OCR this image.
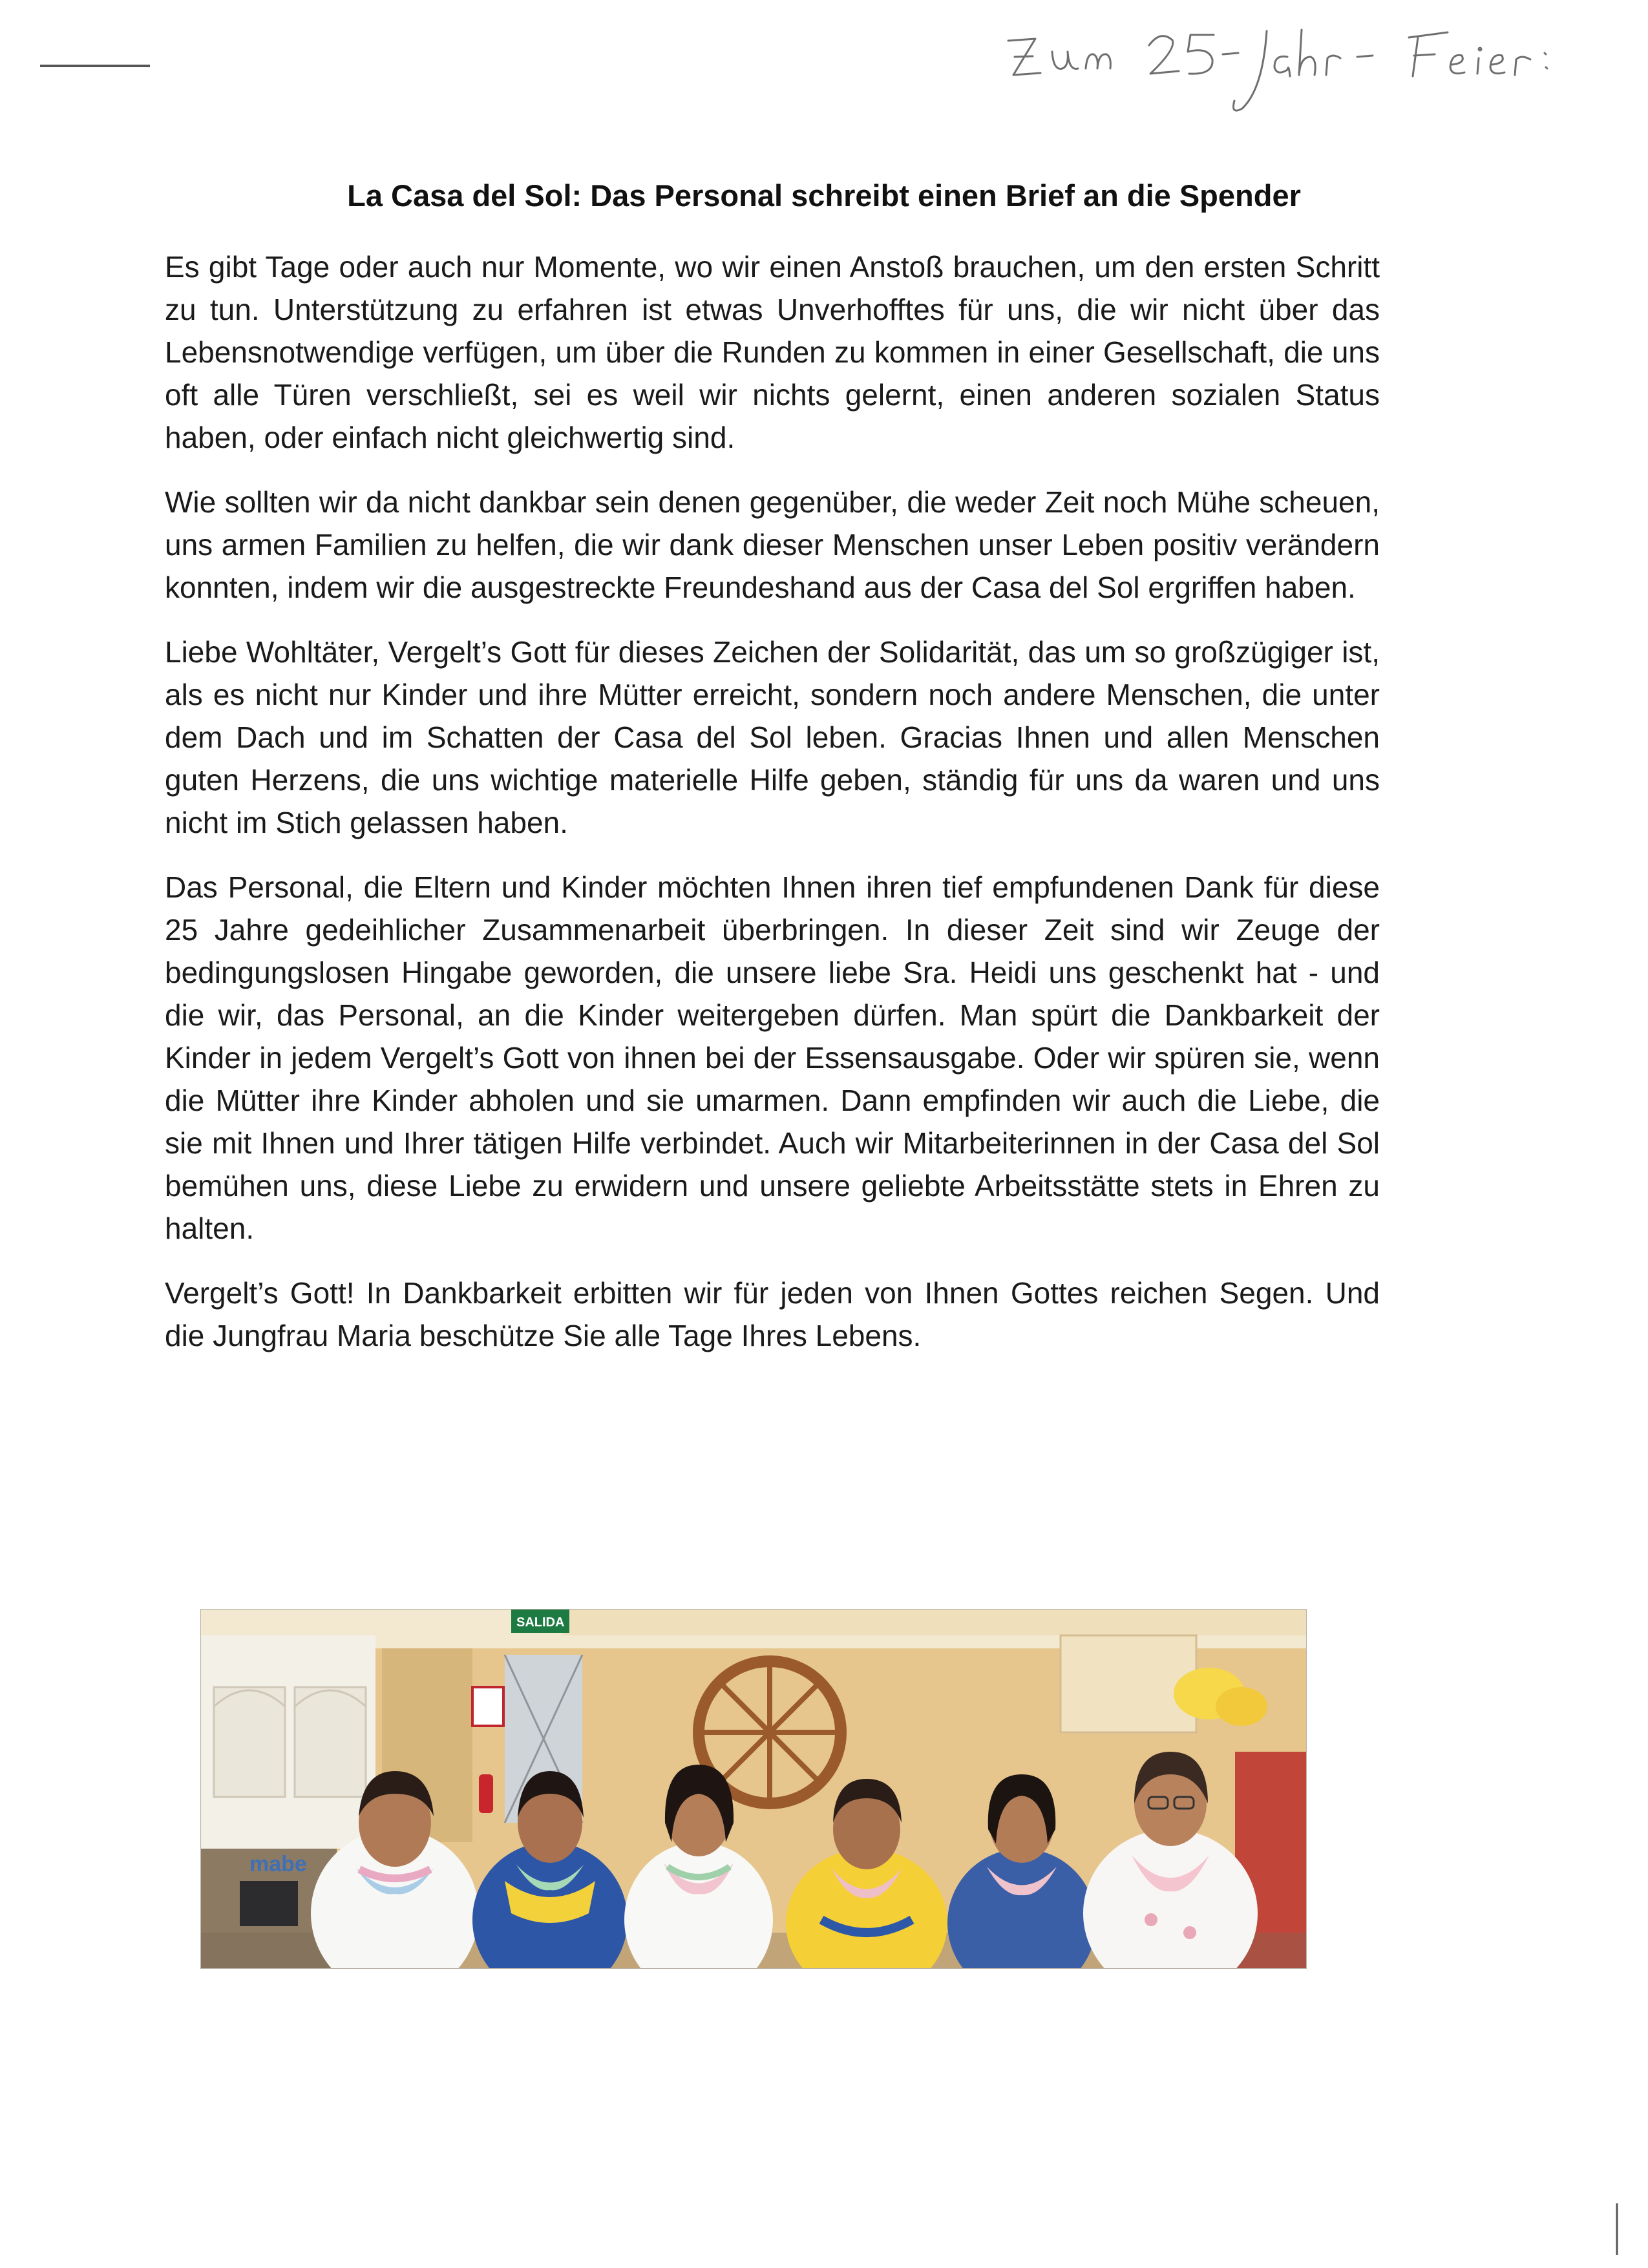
La Casa del Sol: Das Personal schreibt einen Brief an die Spender

Es gibt Tage oder auch nur Momente, wo wir einen Anstoß brauchen, um den ersten Schritt zu tun. Unterstützung zu erfahren ist etwas Unverhofftes für uns, die wir nicht über das Lebensnotwendige verfügen, um über die Runden zu kommen in einer Gesellschaft, die uns oft alle Türen verschließt, sei es weil wir nichts gelernt, einen anderen sozialen Status haben, oder einfach nicht gleichwertig sind.

Wie sollten wir da nicht dankbar sein denen gegenüber, die weder Zeit noch Mühe scheuen, uns armen Familien zu helfen, die wir dank dieser Menschen unser Leben positiv verändern konnten, indem wir die ausgestreckte Freundeshand aus der Casa del Sol ergriffen haben.

Liebe Wohltäter, Vergelt’s Gott für dieses Zeichen der Solidarität, das um so großzügiger ist, als es nicht nur Kinder und ihre Mütter erreicht, sondern noch andere Menschen, die unter dem Dach und im Schatten der Casa del Sol leben. Gracias Ihnen und allen Menschen guten Herzens, die uns wichtige materielle Hilfe geben, ständig für uns da waren und uns nicht im Stich gelassen haben.

Das Personal, die Eltern und Kinder möchten Ihnen ihren tief empfundenen Dank für diese 25 Jahre gedeihlicher Zusammenarbeit überbringen. In dieser Zeit sind wir Zeuge der bedingungslosen Hingabe geworden, die unsere liebe Sra. Heidi uns geschenkt hat - und die wir, das Personal, an die Kinder weitergeben dürfen. Man spürt die Dankbarkeit der Kinder in jedem Vergelt’s Gott von ihnen bei der Essensausgabe. Oder wir spüren sie, wenn die Mütter ihre Kinder abholen und sie umarmen. Dann empfinden wir auch die Liebe, die sie mit Ihnen und Ihrer tätigen Hilfe verbindet. Auch wir Mitarbeiterinnen in der Casa del Sol bemühen uns, diese Liebe zu erwidern und unsere geliebte Arbeitsstätte stets in Ehren zu halten.

Vergelt’s Gott! In Dankbarkeit erbitten wir für jeden von Ihnen Gottes reichen Segen. Und die Jungfrau Maria beschütze Sie alle Tage Ihres Lebens.

mabe
SALIDA
